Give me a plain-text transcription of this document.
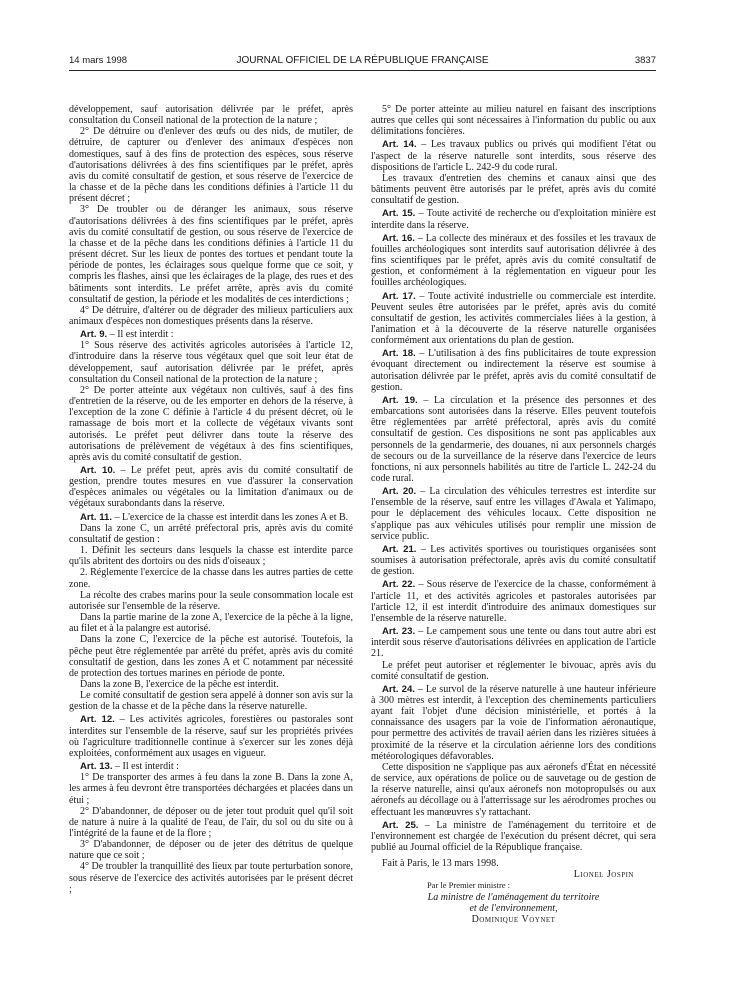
14 mars 1998	JOURNAL OFFICIEL DE LA RÉPUBLIQUE FRANÇAISE	3837

développement, sauf autorisation délivrée par le préfet, après consultation du Conseil national de la protection de la nature ;

2° De détruire ou d'enlever des œufs ou des nids, de mutiler, de détruire, de capturer ou d'enlever des animaux d'espèces non domestiques, sauf à des fins de protection des espèces, sous réserve d'autorisations délivrées à des fins scientifiques par le préfet, après avis du comité consultatif de gestion, et sous réserve de l'exercice de la chasse et de la pêche dans les conditions définies à l'article 11 du présent décret ;

3° De troubler ou de déranger les animaux, sous réserve d'autorisations délivrées à des fins scientifiques par le préfet, après avis du comité consultatif de gestion, ou sous réserve de l'exercice de la chasse et de la pêche dans les conditions définies à l'article 11 du présent décret. Sur les lieux de pontes des tortues et pendant toute la période de pontes, les éclairages sous quelque forme que ce soit, y compris les flashes, ainsi que les éclairages de la plage, des rues et des bâtiments sont interdits. Le préfet arrête, après avis du comité consultatif de gestion, la période et les modalités de ces interdictions ;

4° De détruire, d'altérer ou de dégrader des milieux particuliers aux animaux d'espèces non domestiques présents dans la réserve.

Art. 9. – Il est interdit :

1° Sous réserve des activités agricoles autorisées à l'article 12, d'introduire dans la réserve tous végétaux quel que soit leur état de développement, sauf autorisation délivrée par le préfet, après consultation du Conseil national de la protection de la nature ;

2° De porter atteinte aux végétaux non cultivés, sauf à des fins d'entretien de la réserve, ou de les emporter en dehors de la réserve, à l'exception de la zone C définie à l'article 4 du présent décret, où le ramassage de bois mort et la collecte de végétaux vivants sont autorisés. Le préfet peut délivrer dans toute la réserve des autorisations de prélèvement de végétaux à des fins scientifiques, après avis du comité consultatif de gestion.

Art. 10. – Le préfet peut, après avis du comité consultatif de gestion, prendre toutes mesures en vue d'assurer la conservation d'espèces animales ou végétales ou la limitation d'animaux ou de végétaux surabondants dans la réserve.

Art. 11. – L'exercice de la chasse est interdit dans les zones A et B.

Dans la zone C, un arrêté préfectoral pris, après avis du comité consultatif de gestion :

1. Définit les secteurs dans lesquels la chasse est interdite parce qu'ils abritent des dortoirs ou des nids d'oiseaux ;

2. Réglemente l'exercice de la chasse dans les autres parties de cette zone.

La récolte des crabes marins pour la seule consommation locale est autorisée sur l'ensemble de la réserve.

Dans la partie marine de la zone A, l'exercice de la pêche à la ligne, au filet et à la palangre est autorisé.

Dans la zone C, l'exercice de la pêche est autorisé. Toutefois, la pêche peut être réglementée par arrêté du préfet, après avis du comité consultatif de gestion, dans les zones A et C notamment par nécessité de protection des tortues marines en période de ponte.

Dans la zone B, l'exercice de la pêche est interdit.

Le comité consultatif de gestion sera appelé à donner son avis sur la gestion de la chasse et de la pêche dans la réserve naturelle.

Art. 12. – Les activités agricoles, forestières ou pastorales sont interdites sur l'ensemble de la réserve, sauf sur les propriétés privées où l'agriculture traditionnelle continue à s'exercer sur les zones déjà exploitées, conformément aux usages en vigueur.

Art. 13. – Il est interdit :

1° De transporter des armes à feu dans la zone B. Dans la zone A, les armes à feu devront être transportées déchargées et placées dans un étui ;

2° D'abandonner, de déposer ou de jeter tout produit quel qu'il soit de nature à nuire à la qualité de l'eau, de l'air, du sol ou du site ou à l'intégrité de la faune et de la flore ;

3° D'abandonner, de déposer ou de jeter des détritus de quelque nature que ce soit ;

4° De troubler la tranquillité des lieux par toute perturbation sonore, sous réserve de l'exercice des activités autorisées par le présent décret ;

5° De porter atteinte au milieu naturel en faisant des inscriptions autres que celles qui sont nécessaires à l'information du public ou aux délimitations foncières.

Art. 14. – Les travaux publics ou privés qui modifient l'état ou l'aspect de la réserve naturelle sont interdits, sous réserve des dispositions de l'article L. 242-9 du code rural.

Les travaux d'entretien des chemins et canaux ainsi que des bâtiments peuvent être autorisés par le préfet, après avis du comité consultatif de gestion.

Art. 15. – Toute activité de recherche ou d'exploitation minière est interdite dans la réserve.

Art. 16. – La collecte des minéraux et des fossiles et les travaux de fouilles archéologiques sont interdits sauf autorisation délivrée à des fins scientifiques par le préfet, après avis du comité consultatif de gestion, et conformément à la réglementation en vigueur pour les fouilles archéologiques.

Art. 17. – Toute activité industrielle ou commerciale est interdite. Peuvent seules être autorisées par le préfet, après avis du comité consultatif de gestion, les activités commerciales liées à la gestion, à l'animation et à la découverte de la réserve naturelle organisées conformément aux orientations du plan de gestion.

Art. 18. – L'utilisation à des fins publicitaires de toute expression évoquant directement ou indirectement la réserve est soumise à autorisation délivrée par le préfet, après avis du comité consultatif de gestion.

Art. 19. – La circulation et la présence des personnes et des embarcations sont autorisées dans la réserve. Elles peuvent toutefois être réglementées par arrêté préfectoral, après avis du comité consultatif de gestion. Ces dispositions ne sont pas applicables aux personnels de la gendarmerie, des douanes, ni aux personnels chargés de secours ou de la surveillance de la réserve dans l'exercice de leurs fonctions, ni aux personnels habilités au titre de l'article L. 242-24 du code rural.

Art. 20. – La circulation des véhicules terrestres est interdite sur l'ensemble de la réserve, sauf entre les villages d'Awala et Yalimapo, pour le déplacement des véhicules locaux. Cette disposition ne s'applique pas aux véhicules utilisés pour remplir une mission de service public.

Art. 21. – Les activités sportives ou touristiques organisées sont soumises à autorisation préfectorale, après avis du comité consultatif de gestion.

Art. 22. – Sous réserve de l'exercice de la chasse, conformément à l'article 11, et des activités agricoles et pastorales autorisées par l'article 12, il est interdit d'introduire des animaux domestiques sur l'ensemble de la réserve naturelle.

Art. 23. – Le campement sous une tente ou dans tout autre abri est interdit sous réserve d'autorisations délivrées en application de l'article 21.

Le préfet peut autoriser et réglementer le bivouac, après avis du comité consultatif de gestion.

Art. 24. – Le survol de la réserve naturelle à une hauteur inférieure à 300 mètres est interdit, à l'exception des cheminements particuliers ayant fait l'objet d'une décision ministérielle, et portés à la connaissance des usagers par la voie de l'information aéronautique, pour permettre des activités de travail aérien dans les rizières situées à proximité de la réserve et la circulation aérienne lors des conditions météorologiques défavorables.

Cette disposition ne s'applique pas aux aéronefs d'État en nécessité de service, aux opérations de police ou de sauvetage ou de gestion de la réserve naturelle, ainsi qu'aux aéronefs non motopropulsés ou aux aéronefs au décollage ou à l'atterrissage sur les aérodromes proches ou effectuant les manœuvres s'y rattachant.

Art. 25. – La ministre de l'aménagement du territoire et de l'environnement est chargée de l'exécution du présent décret, qui sera publié au Journal officiel de la République française.

Fait à Paris, le 13 mars 1998.

Lionel Jospin

Par le Premier ministre :

La ministre de l'aménagement du territoire

et de l'environnement,

Dominique Voynet
